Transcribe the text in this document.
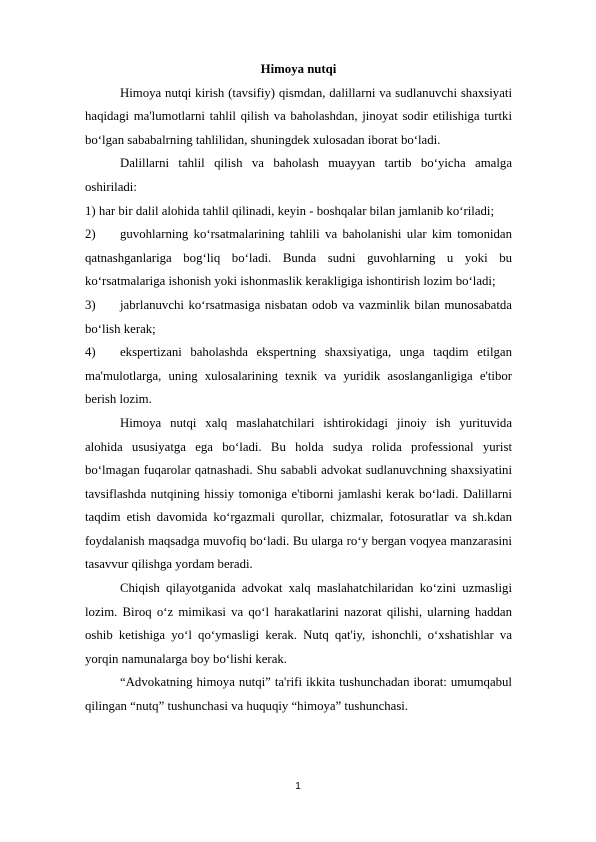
Himoya nutqi

Himoya nutqi kirish (tavsifiy) qismdan, dalillarni va sudlanuvchi shaxsiyati haqidagi ma'lumotlarni tahlil qilish va baholashdan, jinoyat sodir etilishiga turtki bo‘lgan sababalrning tahlilidan, shuningdek xulosadan iborat bo‘ladi.

Dalillarni tahlil qilish va baholash muayyan tartib bo‘yicha amalga oshiriladi:

1) har bir dalil alohida tahlil qilinadi, keyin - boshqalar bilan jamlanib ko‘riladi;

2) guvohlarning ko‘rsatmalarining tahlili va baholanishi ular kim tomonidan qatnashganlariga bog‘liq bo‘ladi. Bunda sudni guvohlarning u yoki bu ko‘rsatmalariga ishonish yoki ishonmaslik kerakligiga ishontirish lozim bo‘ladi;

3) jabrlanuvchi ko‘rsatmasiga nisbatan odob va vazminlik bilan munosabatda bo‘lish kerak;

4) ekspertizani baholashda ekspertning shaxsiyatiga, unga taqdim etilgan ma'mulotlarga, uning xulosalarining texnik va yuridik asoslanganligiga e'tibor berish lozim.

Himoya nutqi xalq maslahatchilari ishtirokidagi jinoiy ish yurituvida alohida ususiyatga ega bo‘ladi. Bu holda sudya rolida professional yurist bo‘lmagan fuqarolar qatnashadi. Shu sababli advokat sudlanuvchning shaxsiyatini tavsiflashda nutqining hissiy tomoniga e'tiborni jamlashi kerak bo‘ladi. Dalillarni taqdim etish davomida ko‘rgazmali qurollar, chizmalar, fotosuratlar va sh.kdan foydalanish maqsadga muvofiq bo‘ladi. Bu ularga ro‘y bergan voqyea manzarasini tasavvur qilishga yordam beradi.

Chiqish qilayotganida advokat xalq maslahatchilaridan ko‘zini uzmasligi lozim. Biroq o‘z mimikasi va qo‘l harakatlarini nazorat qilishi, ularning haddan oshib ketishiga yo‘l qo‘ymasligi kerak. Nutq qat'iy, ishonchli, o‘xshatishlar va yorqin namunalarga boy bo‘lishi kerak.

“Advokatning himoya nutqi” ta'rifi ikkita tushunchadan iborat: umumqabul qilingan “nutq” tushunchasi va huquqiy “himoya” tushunchasi.

1
